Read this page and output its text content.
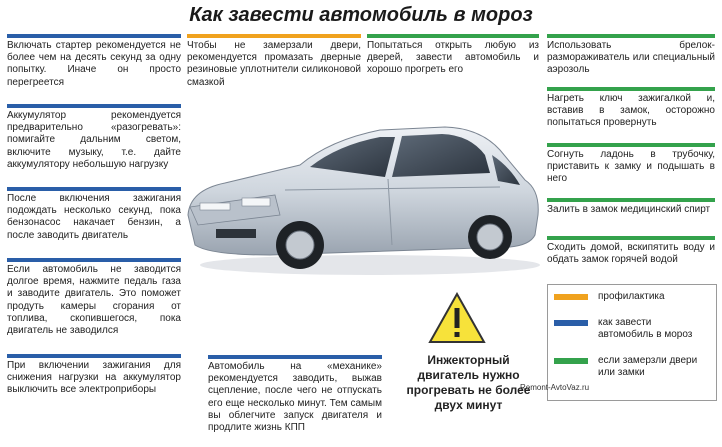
Как завести автомобиль в мороз

Включать стартер рекомендуется не более чем на десять секунд за одну попытку. Иначе он просто перегреется

Аккумулятор рекомендуется предварительно «разогревать»: помигайте дальним светом, включите музыку, т.е. дайте аккумулятору небольшую нагрузку

После включения зажигания подождать несколько секунд, пока бензонасос накачает бензин, а после заводить двигатель

Если автомобиль не заводится долгое время, нажмите педаль газа и заводите двигатель. Это поможет продуть камеры сгорания от топлива, скопившегося, пока двигатель не заводился

При включении зажигания для снижения нагрузки на аккумулятор выключить все электроприборы

Чтобы не замерзали двери, рекомендуется промазать дверные резиновые уплотнители силиконовой смазкой

Попытаться открыть любую из дверей, завести автомобиль и хорошо прогреть его

Автомобиль на «механике» рекомендуется заводить, выжав сцепление, после чего не отпускать его еще несколько минут. Тем самым вы облегчите запуск двигателя и продлите жизнь КПП

Использовать брелок-размораживатель или специальный аэрозоль

Нагреть ключ зажигалкой и, вставив в замок, осторожно попытаться провернуть

Согнуть ладонь в трубочку, приставить к замку и подышать в него

Залить в замок медицинский спирт

Сходить домой, вскипятить воду и обдать замок горячей водой

Инжекторный двигатель нужно прогревать не более двух минут
профилактика
как завести автомобиль в мороз
если замерзли двери или замки
Remont-AvtoVaz.ru
